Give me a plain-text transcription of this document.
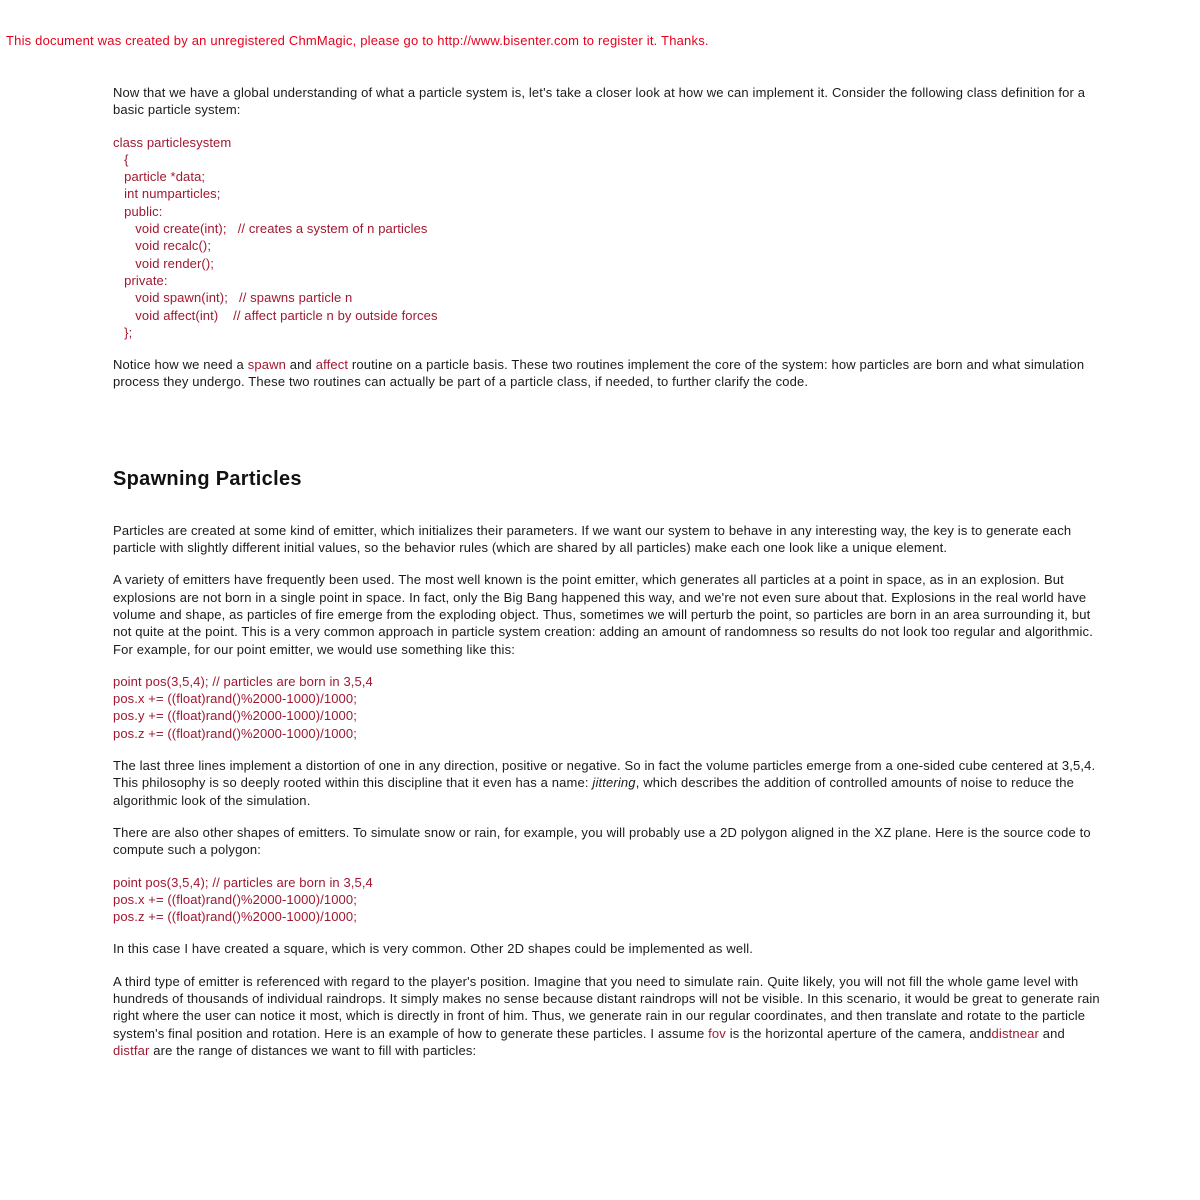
This document was created by an unregistered ChmMagic, please go to http://www.bisenter.com to register it. Thanks.

Now that we have a global understanding of what a particle system is, let's take a closer look at how we can implement it. Consider the following class definition for a basic particle system:

class particlesystem
{
particle *data;
int numparticles;
public:
void create(int);   // creates a system of n particles
void recalc();
void render();
private:
void spawn(int);   // spawns particle n
void affect(int)    // affect particle n by outside forces
};

Notice how we need a spawn and affect routine on a particle basis. These two routines implement the core of the system: how particles are born and what simulation process they undergo. These two routines can actually be part of a particle class, if needed, to further clarify the code.

Spawning Particles

Particles are created at some kind of emitter, which initializes their parameters. If we want our system to behave in any interesting way, the key is to generate each particle with slightly different initial values, so the behavior rules (which are shared by all particles) make each one look like a unique element.

A variety of emitters have frequently been used. The most well known is the point emitter, which generates all particles at a point in space, as in an explosion. But explosions are not born in a single point in space. In fact, only the Big Bang happened this way, and we're not even sure about that. Explosions in the real world have volume and shape, as particles of fire emerge from the exploding object. Thus, sometimes we will perturb the point, so particles are born in an area surrounding it, but not quite at the point. This is a very common approach in particle system creation: adding an amount of randomness so results do not look too regular and algorithmic. For example, for our point emitter, we would use something like this:

point pos(3,5,4); // particles are born in 3,5,4
pos.x += ((float)rand()%2000-1000)/1000;
pos.y += ((float)rand()%2000-1000)/1000;
pos.z += ((float)rand()%2000-1000)/1000;

The last three lines implement a distortion of one in any direction, positive or negative. So in fact the volume particles emerge from a one-sided cube centered at 3,5,4. This philosophy is so deeply rooted within this discipline that it even has a name: jittering, which describes the addition of controlled amounts of noise to reduce the algorithmic look of the simulation.

There are also other shapes of emitters. To simulate snow or rain, for example, you will probably use a 2D polygon aligned in the XZ plane. Here is the source code to compute such a polygon:

point pos(3,5,4); // particles are born in 3,5,4
pos.x += ((float)rand()%2000-1000)/1000;
pos.z += ((float)rand()%2000-1000)/1000;

In this case I have created a square, which is very common. Other 2D shapes could be implemented as well.

A third type of emitter is referenced with regard to the player's position. Imagine that you need to simulate rain. Quite likely, you will not fill the whole game level with hundreds of thousands of individual raindrops. It simply makes no sense because distant raindrops will not be visible. In this scenario, it would be great to generate rain right where the user can notice it most, which is directly in front of him. Thus, we generate rain in our regular coordinates, and then translate and rotate to the particle system's final position and rotation. Here is an example of how to generate these particles. I assume fov is the horizontal aperture of the camera, anddistnear and distfar are the range of distances we want to fill with particles:
